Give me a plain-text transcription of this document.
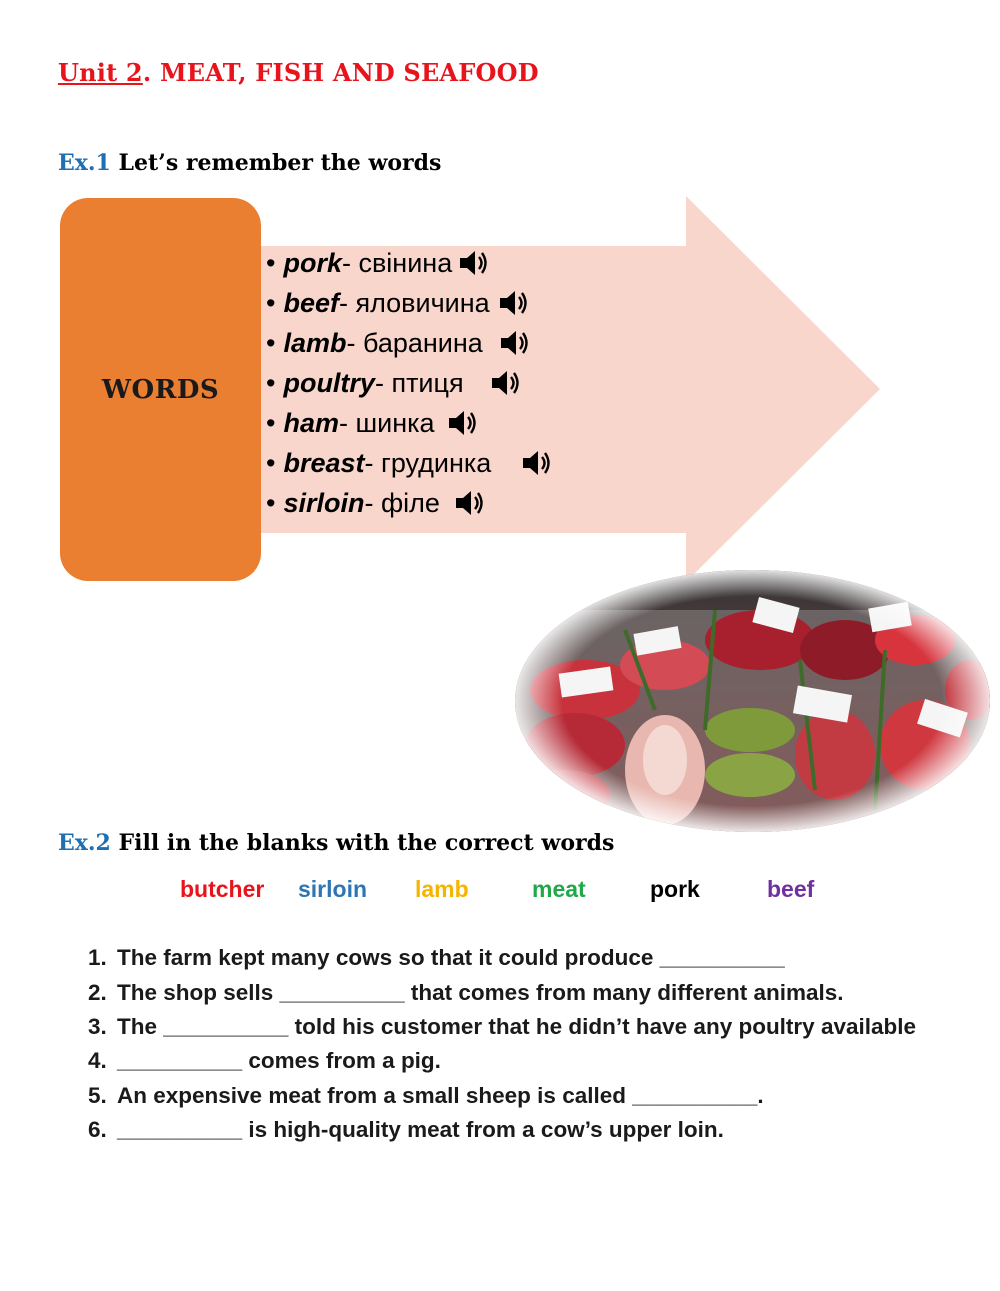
Unit 2. MEAT, FISH AND SEAFOOD
Ex.1 Let’s remember the words
WORDS
• pork - свінина
• beef - яловичина
• lamb - баранина
• poultry - птиця
• ham - шинка
• breast - грудинка
• sirloin - філе
Ex.2 Fill in the blanks with the correct words
butcher sirloin lamb	meat	pork	beef
1. The farm kept many cows so that it could produce __________
2. The shop sells __________ that comes from many different animals.
3. The __________ told his customer that he didn’t have any poultry available
4. __________ comes from a pig.
5. An expensive meat from a small sheep is called __________.
6. __________ is high-quality meat from a cow’s upper loin.
